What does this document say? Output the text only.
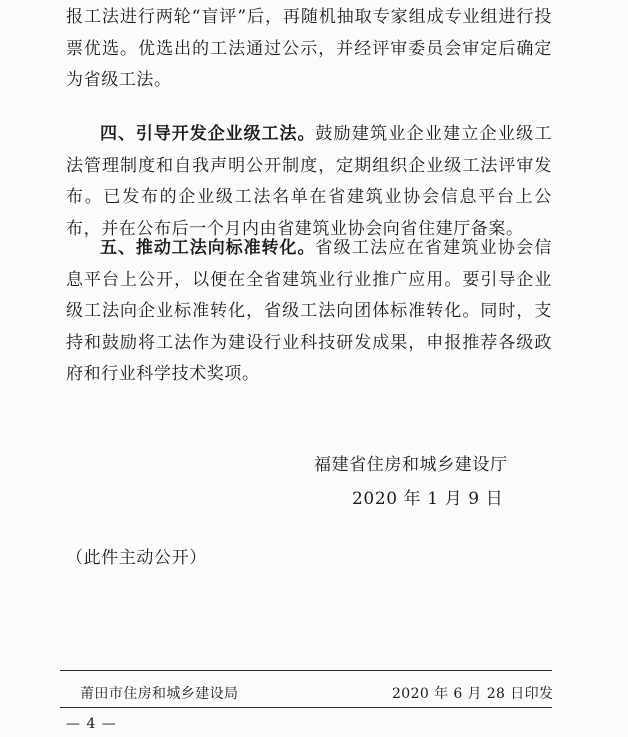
报工法进行两轮“盲评”后，再随机抽取专家组成专业组进行投票优选。优选出的工法通过公示，并经评审委员会审定后确定为省级工法。

四、引导开发企业级工法。鼓励建筑业企业建立企业级工法管理制度和自我声明公开制度，定期组织企业级工法评审发布。已发布的企业级工法名单在省建筑业协会信息平台上公布，并在公布后一个月内由省建筑业协会向省住建厅备案。

五、推动工法向标准转化。省级工法应在省建筑业协会信息平台上公开，以便在全省建筑业行业推广应用。要引导企业级工法向企业标准转化，省级工法向团体标准转化。同时，支持和鼓励将工法作为建设行业科技研发成果，申报推荐各级政府和行业科学技术奖项。

福建省住房和城乡建设厅

2020 年 1 月 9 日

（此件主动公开）

莆田市住房和城乡建设局	2020 年 6 月 28 日印发

— 4 —
